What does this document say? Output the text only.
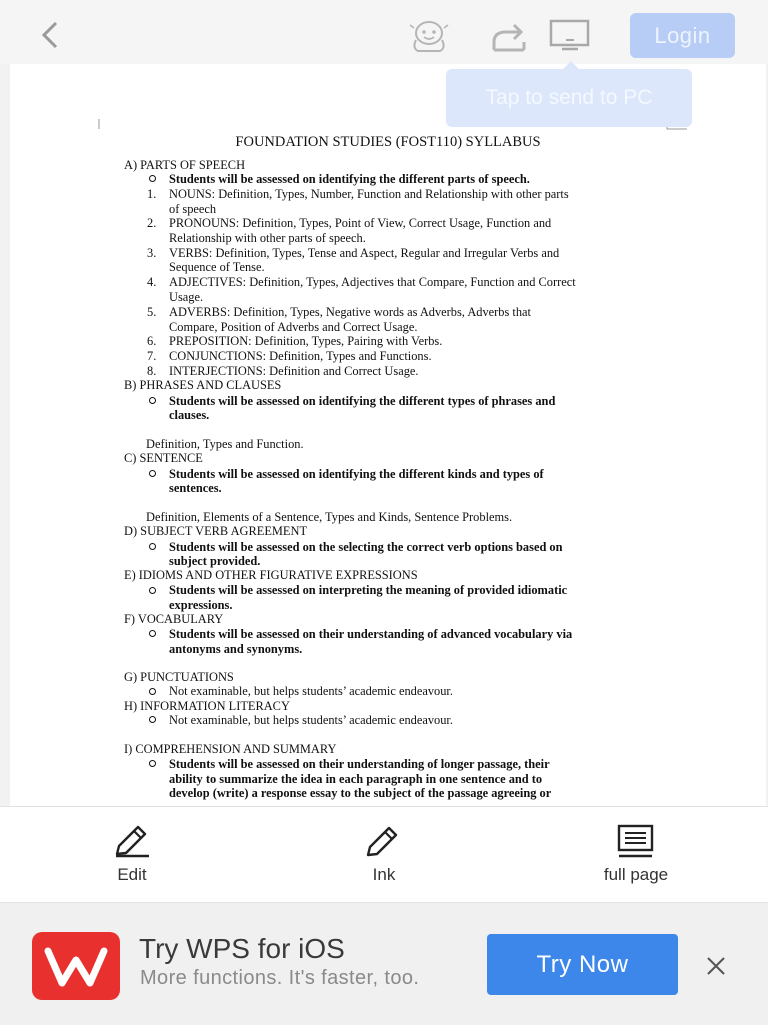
Login
Tap to send to PC
FOUNDATION STUDIES (FOST110) SYLLABUS
A) PARTS OF SPEECH
Students will be assessed on identifying the different parts of speech.
1. NOUNS: Definition, Types, Number, Function and Relationship with other parts
of speech
2. PRONOUNS: Definition, Types, Point of View, Correct Usage, Function and
Relationship with other parts of speech.
3. VERBS: Definition, Types, Tense and Aspect, Regular and Irregular Verbs and
Sequence of Tense.
4. ADJECTIVES: Definition, Types, Adjectives that Compare, Function and Correct
Usage.
5. ADVERBS: Definition, Types, Negative words as Adverbs, Adverbs that
Compare, Position of Adverbs and Correct Usage.
6. PREPOSITION: Definition, Types, Pairing with Verbs.
7. CONJUNCTIONS: Definition, Types and Functions.
8. INTERJECTIONS: Definition and Correct Usage.
B) PHRASES AND CLAUSES
Students will be assessed on identifying the different types of phrases and
clauses.
Definition, Types and Function.
C) SENTENCE
Students will be assessed on identifying the different kinds and types of
sentences.
Definition, Elements of a Sentence, Types and Kinds, Sentence Problems.
D) SUBJECT VERB AGREEMENT
Students will be assessed on the selecting the correct verb options based on
subject provided.
E) IDIOMS AND OTHER FIGURATIVE EXPRESSIONS
Students will be assessed on interpreting the meaning of provided idiomatic
expressions.
F) VOCABULARY
Students will be assessed on their understanding of advanced vocabulary via
antonyms and synonyms.
G) PUNCTUATIONS
Not examinable, but helps students’ academic endeavour.
H) INFORMATION LITERACY
Not examinable, but helps students’ academic endeavour.
I) COMPREHENSION AND SUMMARY
Students will be assessed on their understanding of longer passage, their
ability to summarize the idea in each paragraph in one sentence and to
develop (write) a response essay to the subject of the passage agreeing or
Edit	Ink	full page
Try WPS for iOS
More functions. It's faster, too.	Try Now
